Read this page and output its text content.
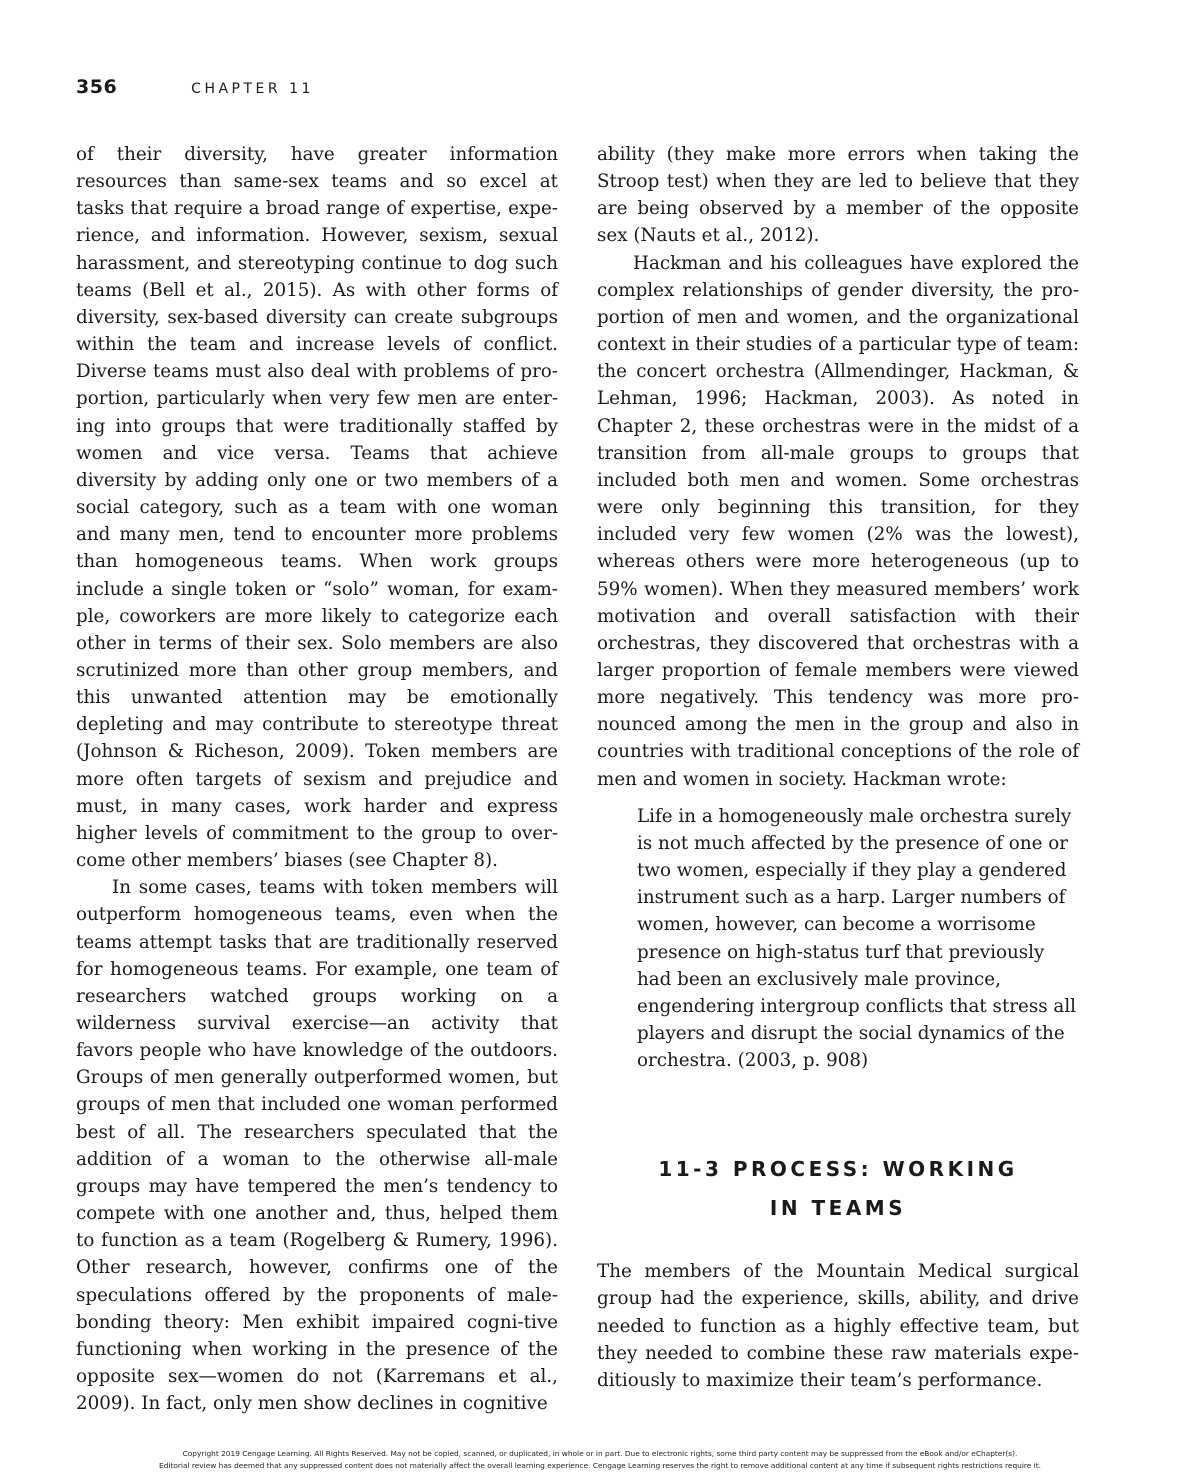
356	CHAPTER 11

of their diversity, have greater information resources than same-sex teams and so excel at tasks that require a broad range of expertise, expe-rience, and information. However, sexism, sexual harassment, and stereotyping continue to dog such teams (Bell et al., 2015). As with other forms of diversity, sex-based diversity can create subgroups within the team and increase levels of conflict. Diverse teams must also deal with problems of pro-portion, particularly when very few men are enter-ing into groups that were traditionally staffed by women and vice versa. Teams that achieve diversity by adding only one or two members of a social category, such as a team with one woman and many men, tend to encounter more problems than homogeneous teams. When work groups include a single token or “solo” woman, for exam-ple, coworkers are more likely to categorize each other in terms of their sex. Solo members are also scrutinized more than other group members, and this unwanted attention may be emotionally depleting and may contribute to stereotype threat (Johnson & Richeson, 2009). Token members are more often targets of sexism and prejudice and must, in many cases, work harder and express higher levels of commitment to the group to over-come other members’ biases (see Chapter 8).

In some cases, teams with token members will outperform homogeneous teams, even when the teams attempt tasks that are traditionally reserved for homogeneous teams. For example, one team of researchers watched groups working on a wilderness survival exercise—an activity that favors people who have knowledge of the outdoors. Groups of men generally outperformed women, but groups of men that included one woman performed best of all. The researchers speculated that the addition of a woman to the otherwise all-male groups may have tempered the men’s tendency to compete with one another and, thus, helped them to function as a team (Rogelberg & Rumery, 1996). Other research, however, confirms one of the speculations offered by the proponents of male-bonding theory: Men exhibit impaired cogni-tive functioning when working in the presence of the opposite sex—women do not (Karremans et al., 2009). In fact, only men show declines in cognitive

ability (they make more errors when taking the Stroop test) when they are led to believe that they are being observed by a member of the opposite sex (Nauts et al., 2012).

Hackman and his colleagues have explored the complex relationships of gender diversity, the pro-portion of men and women, and the organizational context in their studies of a particular type of team: the concert orchestra (Allmendinger, Hackman, & Lehman, 1996; Hackman, 2003). As noted in Chapter 2, these orchestras were in the midst of a transition from all-male groups to groups that included both men and women. Some orchestras were only beginning this transition, for they included very few women (2% was the lowest), whereas others were more heterogeneous (up to 59% women). When they measured members’ work motivation and overall satisfaction with their orchestras, they discovered that orchestras with a larger proportion of female members were viewed more negatively. This tendency was more pro-nounced among the men in the group and also in countries with traditional conceptions of the role of men and women in society. Hackman wrote:

Life in a homogeneously male orchestra surely is not much affected by the presence of one or two women, especially if they play a gendered instrument such as a harp. Larger numbers of women, however, can become a worrisome presence on high-status turf that previously had been an exclusively male province, engendering intergroup conflicts that stress all players and disrupt the social dynamics of the orchestra. (2003, p. 908)
11-3 PROCESS: WORKING
IN TEAMS

The members of the Mountain Medical surgical group had the experience, skills, ability, and drive needed to function as a highly effective team, but they needed to combine these raw materials expe-ditiously to maximize their team’s performance.

Copyright 2019 Cengage Learning. All Rights Reserved. May not be copied, scanned, or duplicated, in whole or in part. Due to electronic rights, some third party content may be suppressed from the eBook and/or eChapter(s).
Editorial review has deemed that any suppressed content does not materially affect the overall learning experience. Cengage Learning reserves the right to remove additional content at any time if subsequent rights restrictions require it.
